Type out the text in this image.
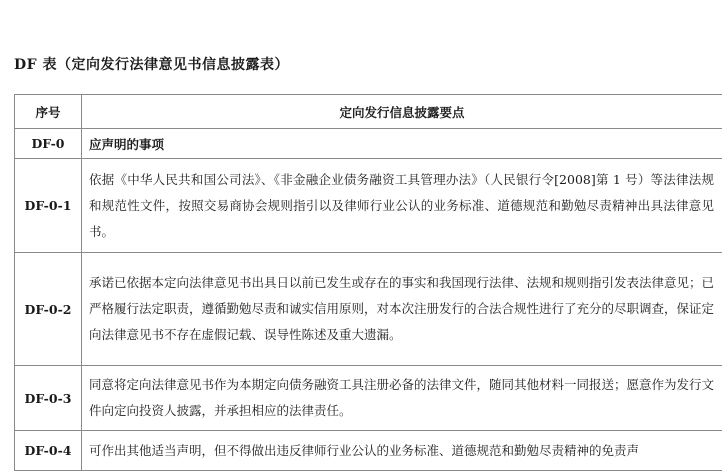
DF 表（定向发行法律意见书信息披露表）
序号	定向发行信息披露要点
DF-0	应声明的事项
DF-0-1	依据《中华人民共和国公司法》、《非金融企业债务融资工具管理办法》（人民银行令[2008]第 1 号）等法律法规和规范性文件，按照交易商协会规则指引以及律师行业公认的业务标准、道德规范和勤勉尽责精神出具法律意见书。
DF-0-2	承诺已依据本定向法律意见书出具日以前已发生或存在的事实和我国现行法律、法规和规则指引发表法律意见；已严格履行法定职责，遵循勤勉尽责和诚实信用原则，对本次注册发行的合法合规性进行了充分的尽职调查，保证定向法律意见书不存在虚假记载、误导性陈述及重大遗漏。
DF-0-3	同意将定向法律意见书作为本期定向债务融资工具注册必备的法律文件，随同其他材料一同报送；愿意作为发行文件向定向投资人披露，并承担相应的法律责任。
DF-0-4	可作出其他适当声明，但不得做出违反律师行业公认的业务标准、道德规范和勤勉尽责精神的免责声
